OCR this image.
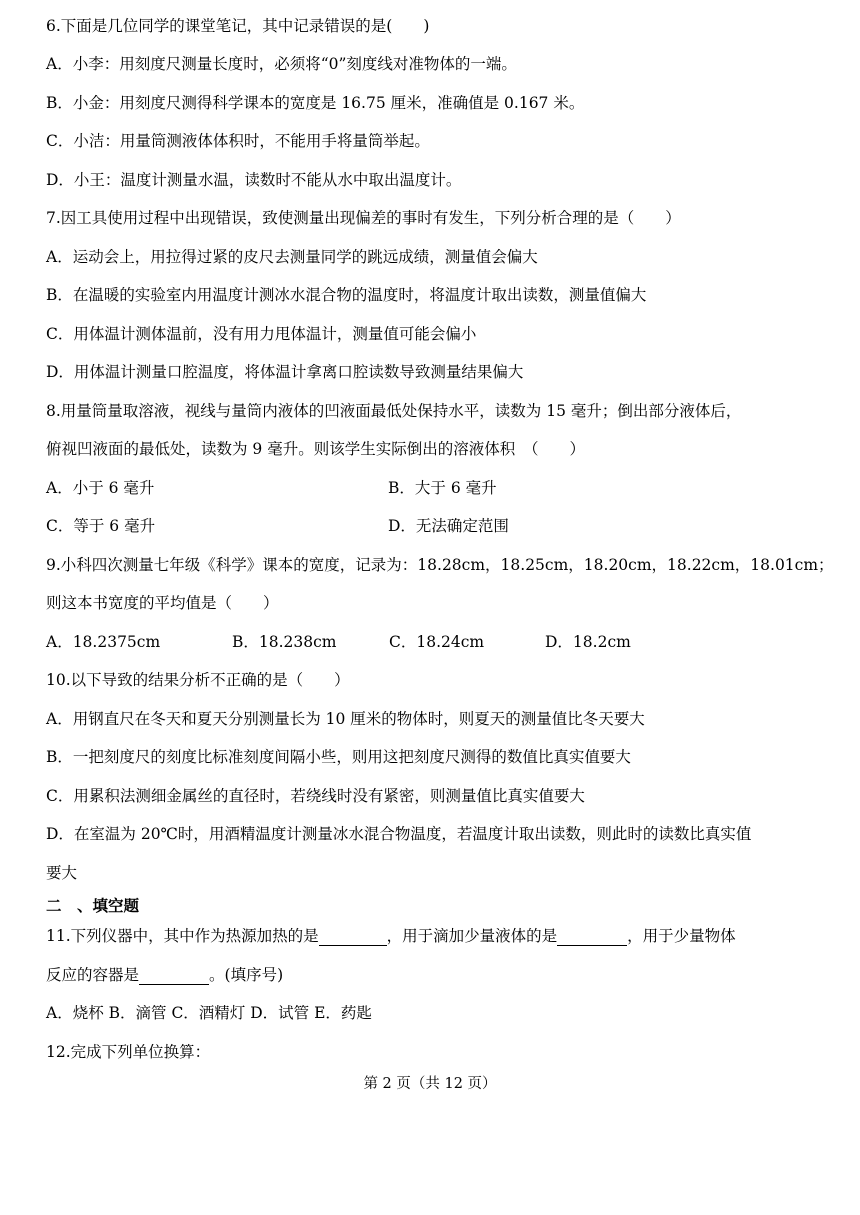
6.下面是几位同学的课堂笔记，其中记录错误的是(　　)
A．小李：用刻度尺测量长度时，必须将“0”刻度线对准物体的一端。
B．小金：用刻度尺测得科学课本的宽度是 16.75 厘米，准确值是 0.167 米。
C．小洁：用量筒测液体体积时，不能用手将量筒举起。
D．小王：温度计测量水温，读数时不能从水中取出温度计。
7.因工具使用过程中出现错误，致使测量出现偏差的事时有发生，下列分析合理的是（　　）
A．运动会上，用拉得过紧的皮尺去测量同学的跳远成绩，测量值会偏大
B．在温暖的实验室内用温度计测冰水混合物的温度时，将温度计取出读数，测量值偏大
C．用体温计测体温前，没有用力甩体温计，测量值可能会偏小
D．用体温计测量口腔温度，将体温计拿离口腔读数导致测量结果偏大
8.用量筒量取溶液，视线与量筒内液体的凹液面最低处保持水平，读数为 15 毫升；倒出部分液体后，
俯视凹液面的最低处，读数为 9 毫升。则该学生实际倒出的溶液体积　（　　）
A．小于 6 毫升	B．大于 6 毫升
C．等于 6 毫升	D．无法确定范围
9.小科四次测量七年级《科学》课本的宽度，记录为：18.28cm，18.25cm，18.20cm，18.22cm，18.01cm；
则这本书宽度的平均值是（　　）
A．18.2375cm	B．18.238cm	C．18.24cm	D．18.2cm
10.以下导致的结果分析不正确的是（　　）
A．用钢直尺在冬天和夏天分别测量长为 10 厘米的物体时，则夏天的测量值比冬天要大
B．一把刻度尺的刻度比标准刻度间隔小些，则用这把刻度尺测得的数值比真实值要大
C．用累积法测细金属丝的直径时，若绕线时没有紧密，则测量值比真实值要大
D．在室温为 20℃时，用酒精温度计测量冰水混合物温度，若温度计取出读数，则此时的读数比真实值
要大
二　、填空题
11.下列仪器中，其中作为热源加热的是	，用于滴加少量液体的是	，用于少量物体
反应的容器是	。(填序号)
A．烧杯 B．滴管 C．酒精灯 D．试管 E．药匙
12.完成下列单位换算：
第 2 页（共 12 页）
